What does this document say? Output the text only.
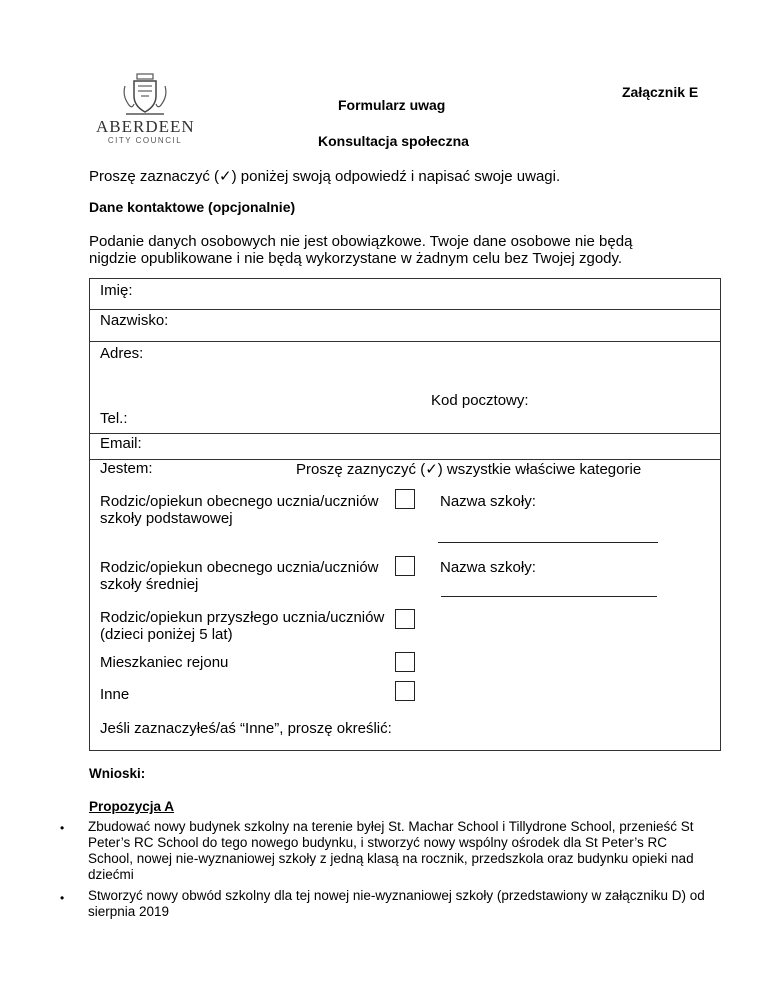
ABERDEEN
CITY COUNCIL
Załącznik E
Formularz uwag
Konsultacja społeczna
Proszę zaznaczyć (✓) poniżej swoją odpowiedź i napisać swoje uwagi.
Dane kontaktowe (opcjonalnie)
Podanie danych osobowych nie jest obowiązkowe. Twoje dane osobowe nie będą
nigdzie opublikowane i nie będą wykorzystane w żadnym celu bez Twojej zgody.
Imię:
Nazwisko:
Adres:
Kod pocztowy:
Tel.:
Email:
Jestem:	Proszę zaznyczyć (✓) wszystkie właściwe kategorie
Rodzic/opiekun obecnego ucznia/uczniów
szkoły podstawowej
Nazwa szkoły:
Rodzic/opiekun obecnego ucznia/uczniów
szkoły średniej
Nazwa szkoły:
Rodzic/opiekun przyszłego ucznia/uczniów
(dzieci poniżej 5 lat)
Mieszkaniec rejonu
Inne
Jeśli zaznaczyłeś/aś “Inne”, proszę określić:
Wnioski:
Propozycja A
• Zbudować nowy budynek szkolny na terenie byłej St. Machar School i Tillydrone School, przenieść St Peter’s RC School do tego nowego budynku, i stworzyć nowy wspólny ośrodek dla St Peter’s RC School, nowej nie-wyznaniowej szkoły z jedną klasą na rocznik, przedszkola oraz budynku opieki nad dziećmi
• Stworzyć nowy obwód szkolny dla tej nowej nie-wyznaniowej szkoły (przedstawiony w załączniku D) od sierpnia 2019
